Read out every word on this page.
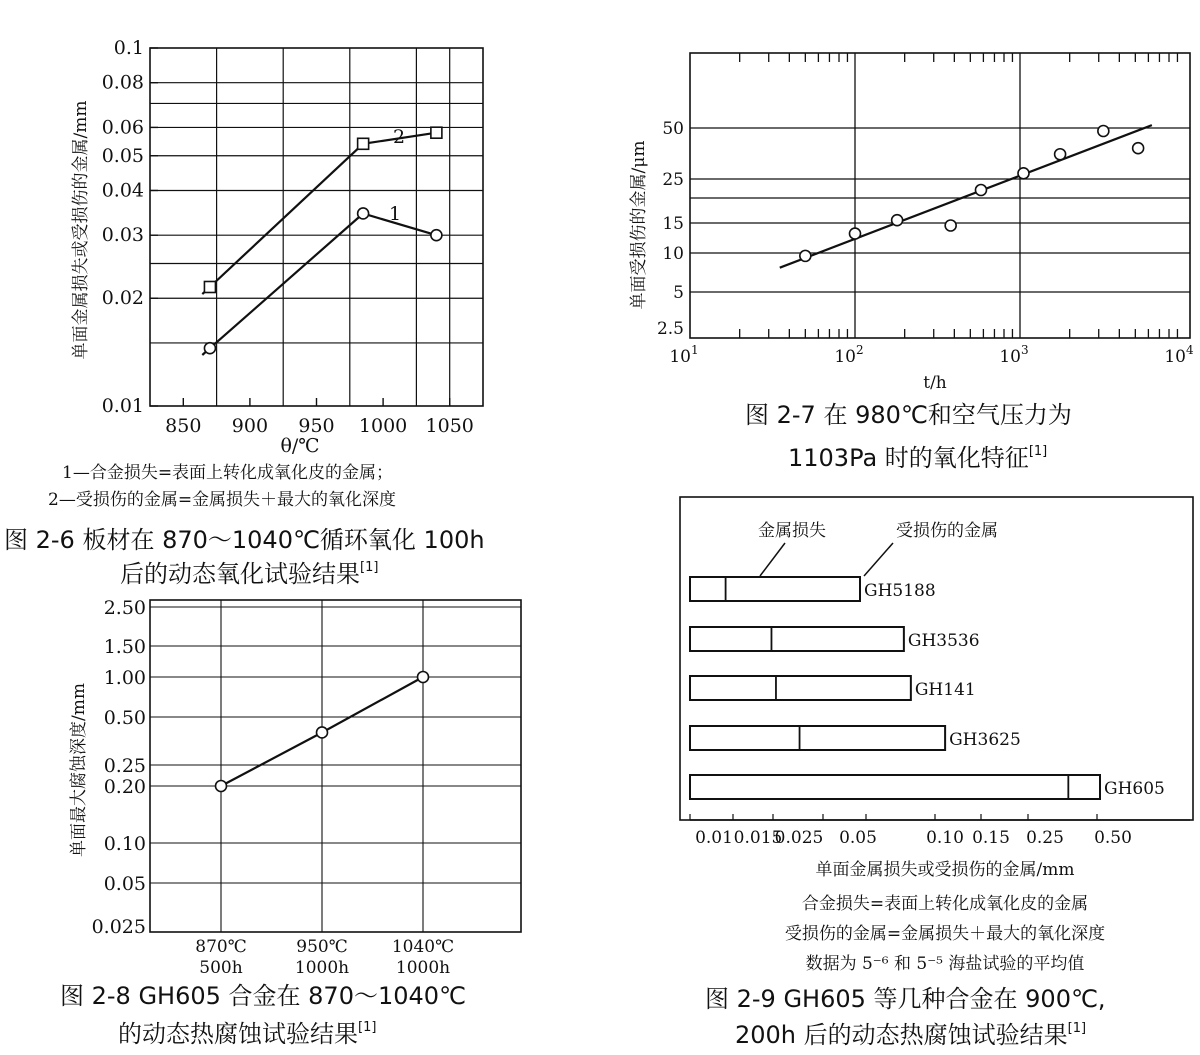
0.01
0.02
0.03
0.04
0.05
0.06
0.08
0.1
850 900 950 1000 1050
1
2
θ/℃
单面金属损失或受损伤的金属/mm
1—合金损失=表面上转化成氧化皮的金属；
2—受损伤的金属=金属损失＋最大的氧化深度
图 2-6 板材在 870～1040℃循环氧化 100h
后的动态氧化试验结果[1]
$10^1$	$10^2$	$10^3$	$10^4$
2.5
5
10
15
25
50
t/h
单面受损伤的金属/μm
图 2-7 在 980℃和空气压力为
1103Pa 时的氧化特征[1]
0.025
0.05
0.10
0.20
0.25
0.50
1.00
1.50
2.50
870℃
500h
950℃
1000h
1040℃
1000h
单面最大腐蚀深度/mm
图 2-8 GH605 合金在 870～1040℃
的动态热腐蚀试验结果[1]
0.01 0.015
0.025 0.05	0.10 0.15 0.25 0.50
GH5188
GH3536
GH141
GH3625
GH605
金属损失	受损伤的金属
单面金属损失或受损伤的金属/mm
合金损失=表面上转化成氧化皮的金属
受损伤的金属=金属损失＋最大的氧化深度
数据为 5⁻⁶ 和 5⁻⁵ 海盐试验的平均值
图 2-9 GH605 等几种合金在 900℃,
200h 后的动态热腐蚀试验结果[1]
